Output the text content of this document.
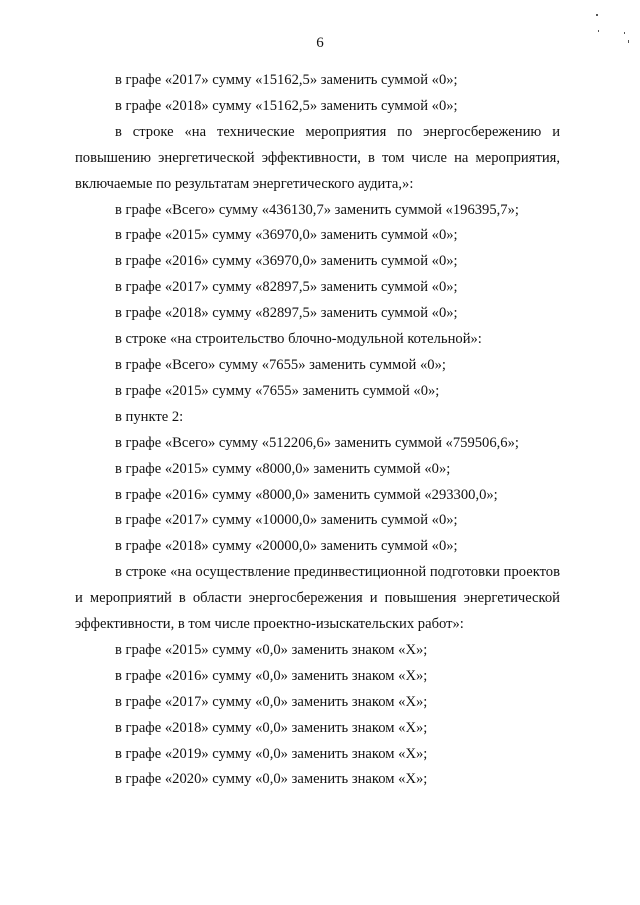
6

в графе «2017» сумму «15162,5» заменить суммой «0»;

в графе «2018» сумму «15162,5» заменить суммой «0»;

в строке «на технические мероприятия по энергосбережению и повышению энергетической эффективности, в том числе на мероприятия, включаемые по результатам энергетического аудита,»:

в графе «Всего» сумму «436130,7» заменить суммой «196395,7»;

в графе «2015» сумму «36970,0» заменить суммой «0»;

в графе «2016» сумму «36970,0» заменить суммой «0»;

в графе «2017» сумму «82897,5» заменить суммой «0»;

в графе «2018» сумму «82897,5» заменить суммой «0»;

в строке «на строительство блочно-модульной котельной»:

в графе «Всего» сумму «7655» заменить суммой «0»;

в графе «2015» сумму «7655» заменить суммой «0»;

в пункте 2:

в графе «Всего» сумму «512206,6» заменить суммой «759506,6»;

в графе «2015» сумму «8000,0» заменить суммой «0»;

в графе «2016» сумму «8000,0» заменить суммой «293300,0»;

в графе «2017» сумму «10000,0» заменить суммой «0»;

в графе «2018» сумму «20000,0» заменить суммой «0»;

в строке «на осуществление прединвестиционной подготовки проектов и мероприятий в области энергосбережения и повышения энергетической эффективности, в том числе проектно-изыскательских работ»:

в графе «2015» сумму «0,0» заменить знаком «Х»;

в графе «2016» сумму «0,0» заменить знаком «Х»;

в графе «2017» сумму «0,0» заменить знаком «Х»;

в графе «2018» сумму «0,0» заменить знаком «Х»;

в графе «2019» сумму «0,0» заменить знаком «Х»;

в графе «2020» сумму «0,0» заменить знаком «Х»;
